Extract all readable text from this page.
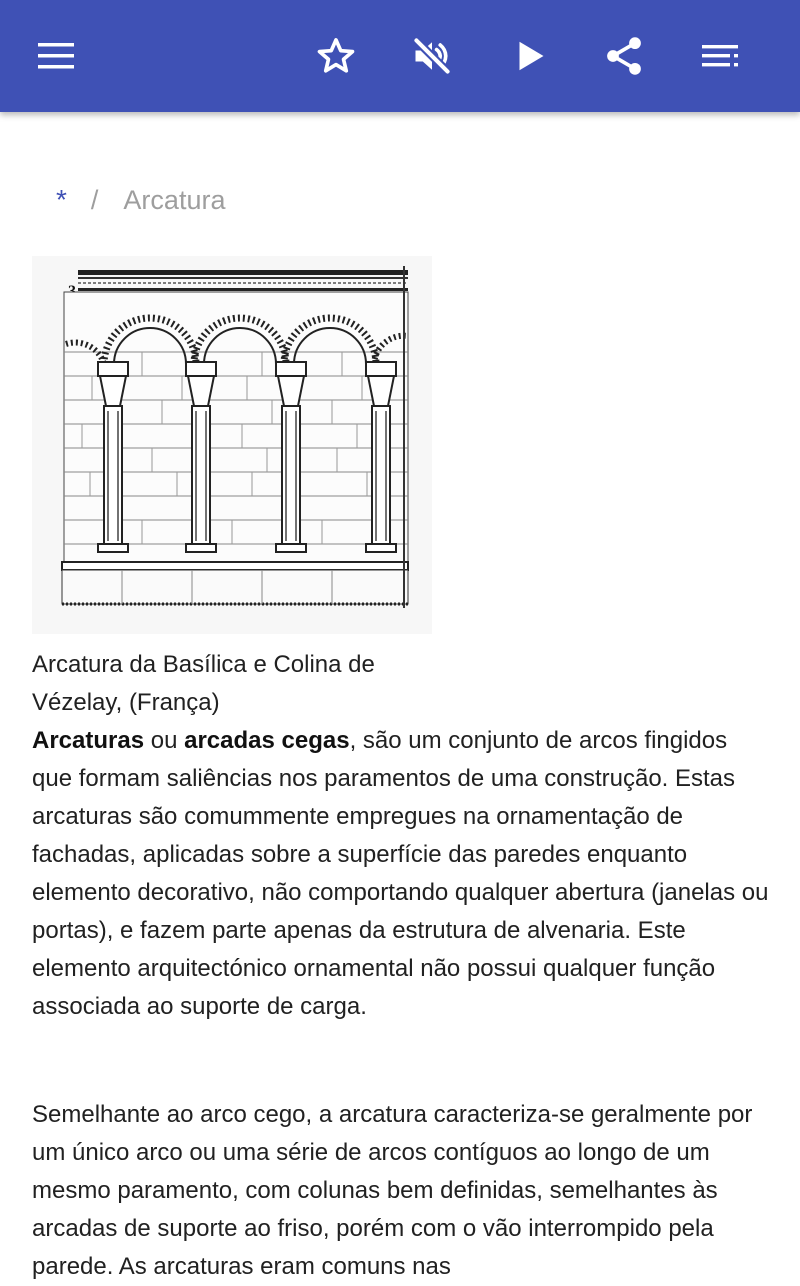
* / Arcatura

Arcatura da Basílica e Colina de Vézelay, (França)

Arcaturas ou arcadas cegas, são um conjunto de arcos fingidos que formam saliências nos paramentos de uma construção. Estas arcaturas são comummente empregues na ornamentação de fachadas, aplicadas sobre a superfície das paredes enquanto elemento decorativo, não comportando qualquer abertura (janelas ou portas), e fazem parte apenas da estrutura de alvenaria. Este elemento arquitectónico ornamental não possui qualquer função associada ao suporte de carga.

Semelhante ao arco cego, a arcatura caracteriza-se geralmente por um único arco ou uma série de arcos contíguos ao longo de um mesmo paramento, com colunas bem definidas, semelhantes às arcadas de suporte ao friso, porém com o vão interrompido pela parede. As arcaturas eram comuns nas
